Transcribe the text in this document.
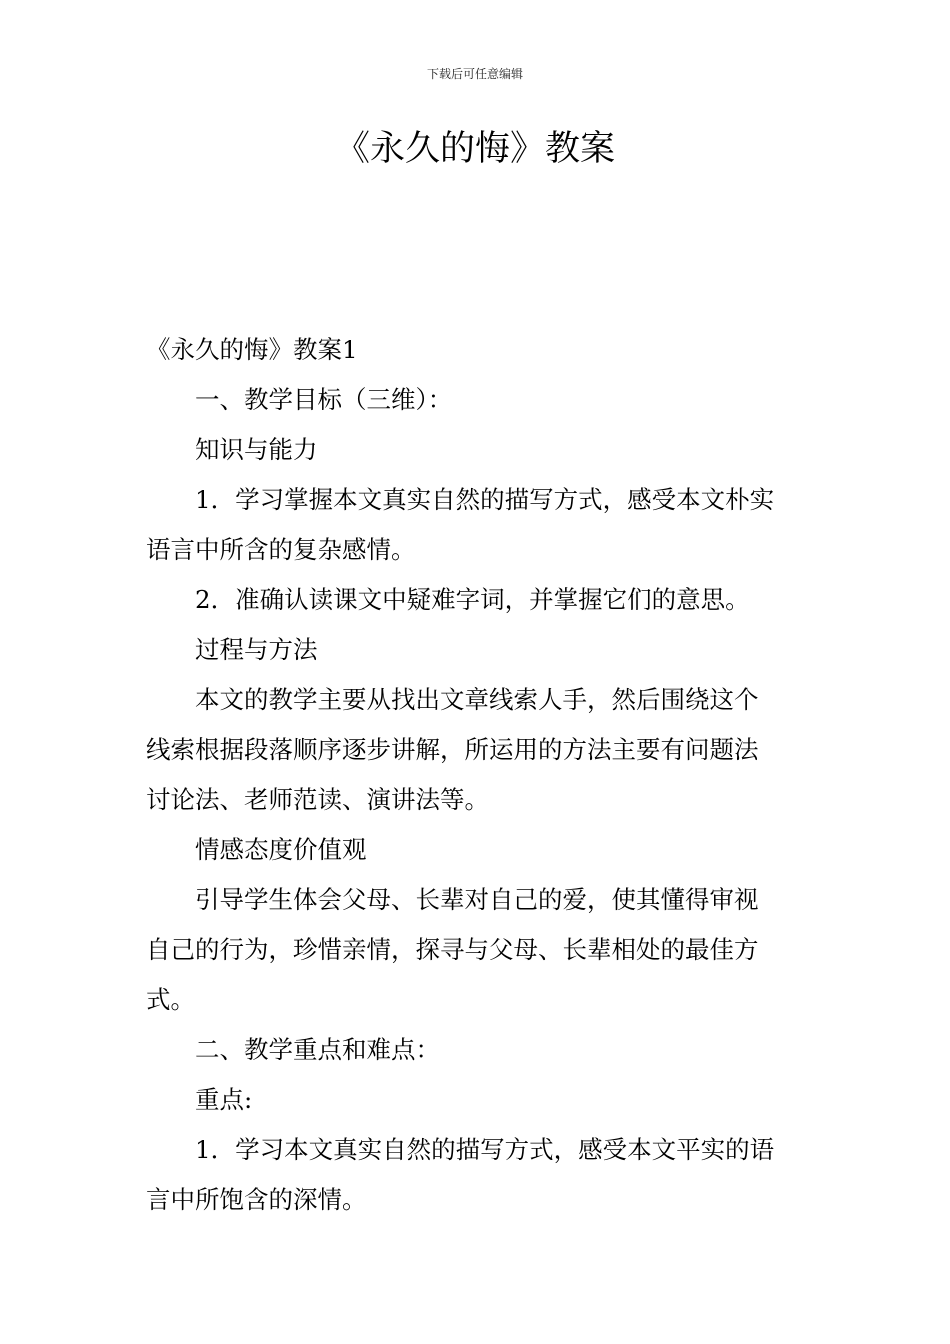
下载后可任意编辑
《永久的悔》教案

《永久的悔》教案1

一、教学目标（三维）：

知识与能力

1．学习掌握本文真实自然的描写方式，感受本文朴实

语言中所含的复杂感情。

2．准确认读课文中疑难字词，并掌握它们的意思。

过程与方法

本文的教学主要从找出文章线索人手，然后围绕这个

线索根据段落顺序逐步讲解，所运用的方法主要有问题法

讨论法、老师范读、演讲法等。

情感态度价值观

引导学生体会父母、长辈对自己的爱，使其懂得审视

自己的行为，珍惜亲情，探寻与父母、长辈相处的最佳方

式。

二、教学重点和难点：

重点:

1．学习本文真实自然的描写方式，感受本文平实的语

言中所饱含的深情。
